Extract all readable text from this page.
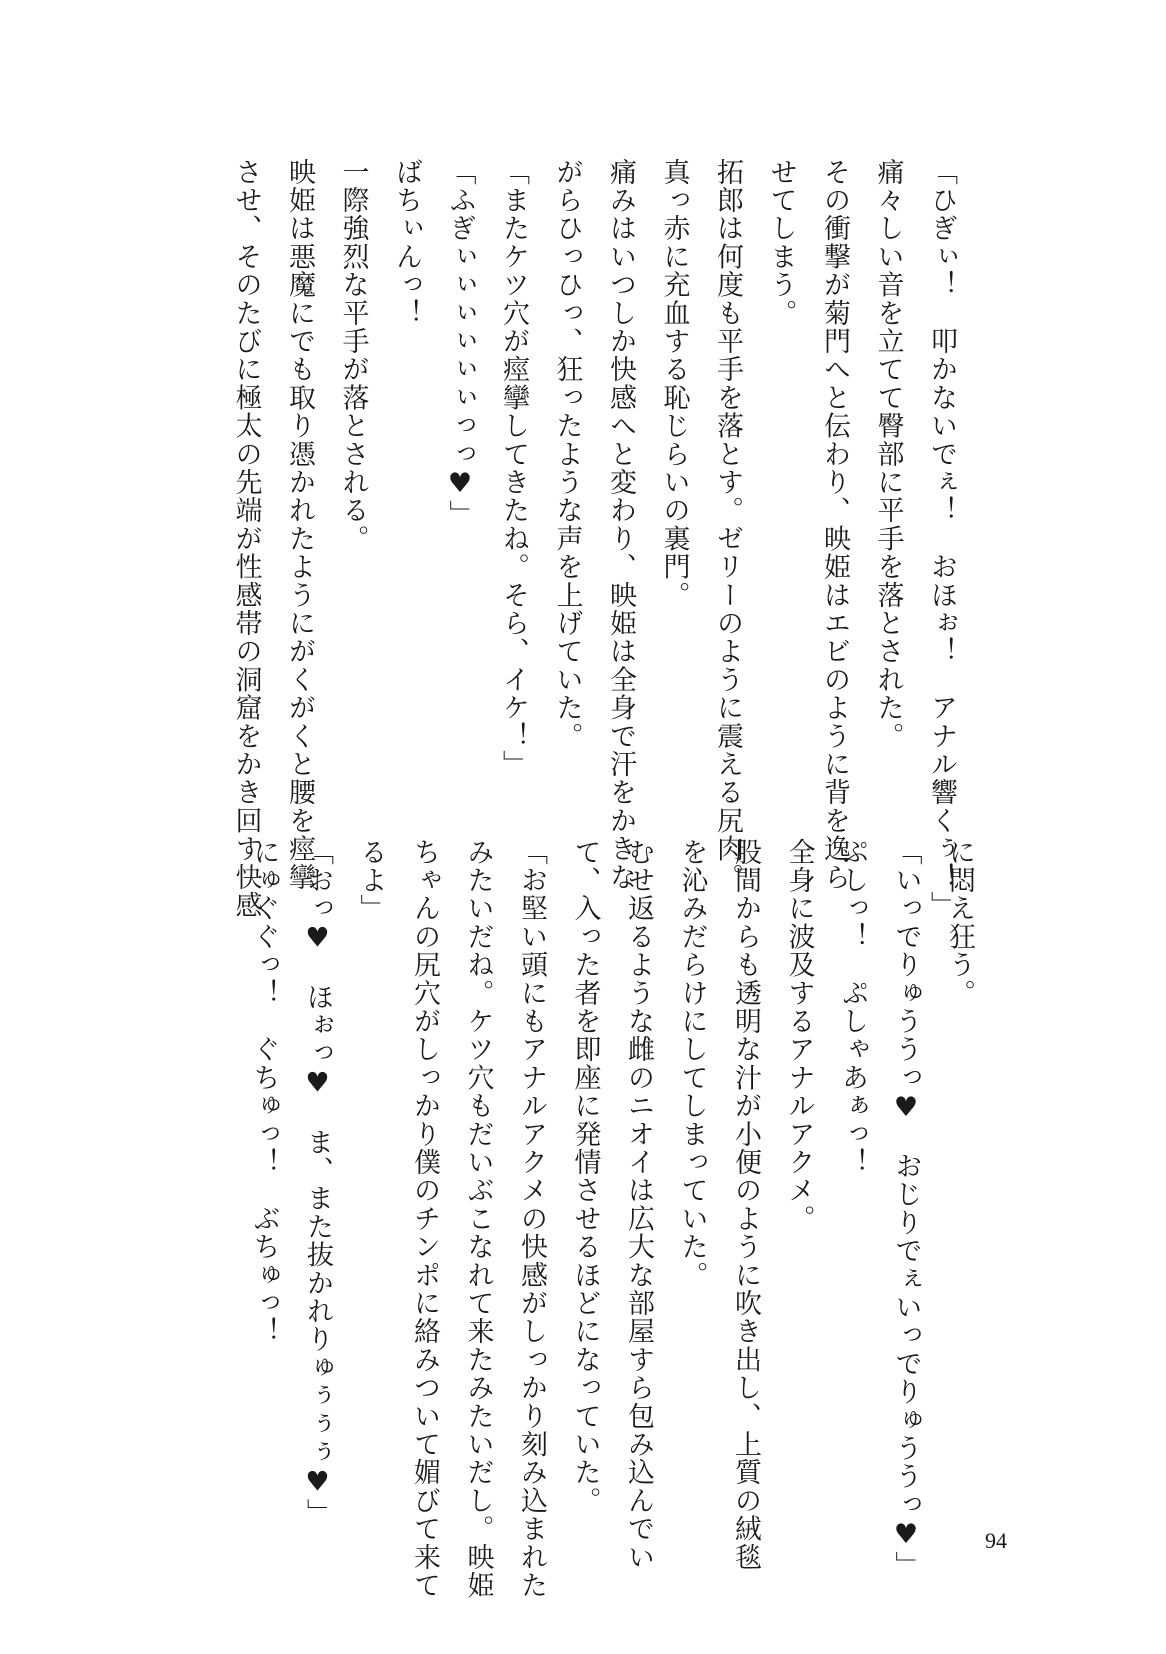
「ひぎぃ！　叩かないでぇ！　おほぉ！　アナル響くぅ！」
痛々しい音を立てて臀部に平手を落とされた。
その衝撃が菊門へと伝わり、映姫はエビのように背を逸ら
せてしまう。
拓郎は何度も平手を落とす。ゼリーのように震える尻肉。
真っ赤に充血する恥じらいの裏門。
痛みはいつしか快感へと変わり、映姫は全身で汗をかきな
がらひっひっ、狂ったような声を上げていた。
「またケツ穴が痙攣してきたね。そら、イケ！」
「ふぎぃぃぃぃぃぃっっ♥」
ばちぃんっ！
一際強烈な平手が落とされる。
映姫は悪魔にでも取り憑かれたようにがくがくと腰を痙攣
させ、そのたびに極太の先端が性感帯の洞窟をかき回す快感
に悶え狂う。
「いっでりゅううっ♥　おじりでぇいっでりゅううっ♥」
ぷしっ！　ぷしゃあぁっ！
全身に波及するアナルアクメ。
股間からも透明な汁が小便のように吹き出し、上質の絨毯
を沁みだらけにしてしまっていた。
むせ返るような雌のニオイは広大な部屋すら包み込んでい
て、入った者を即座に発情させるほどになっていた。
「お堅い頭にもアナルアクメの快感がしっかり刻み込まれた
みたいだね。ケツ穴もだいぶこなれて来たみたいだし。映姫
ちゃんの尻穴がしっかり僕のチンポに絡みついて媚びて来て
るよ」
「おっ♥　ほぉっ♥　ま、また抜かれりゅぅぅぅ♥」
にゅぐぐっ！　ぐちゅっ！　ぶちゅっ！
94
